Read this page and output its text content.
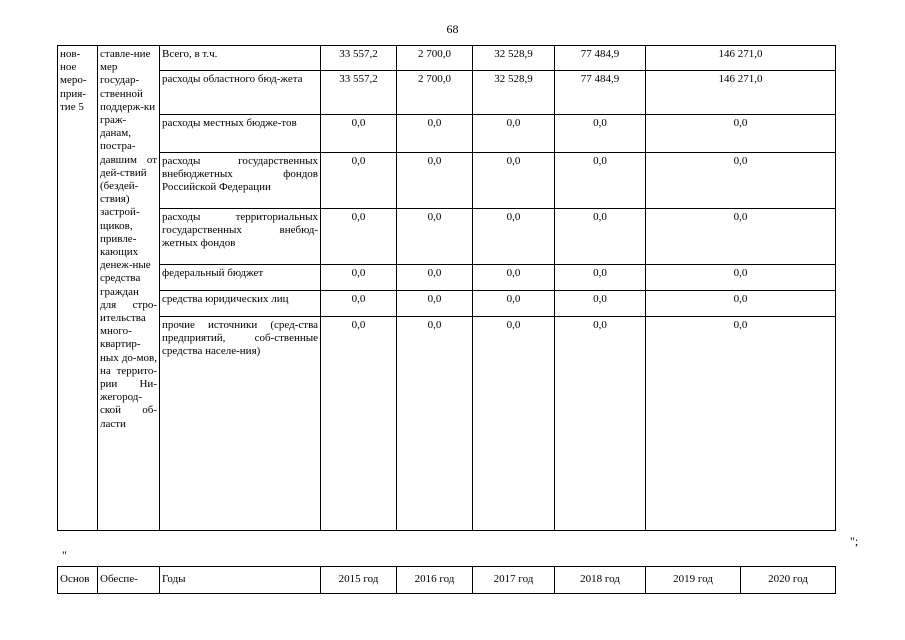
68
нов-ное меро-прия-тие 5	ставле-ние мер государ-ственной поддерж-ки граж-данам, постра-давшим от дей-ствий (бездей-ствия) застрой-щиков, привле-кающих денеж-ные средства граждан для стро-ительства много-квартир-ных до-мов, на террито-рии Ни-жегород-ской об-ласти	Всего, в т.ч.	33 557,2	2 700,0	32 528,9	77 484,9	146 271,0
		расходы областного бюд-жета	33 557,2	2 700,0	32 528,9	77 484,9	146 271,0
		расходы местных бюдже-тов	0,0	0,0	0,0	0,0	0,0
		расходы государственных внебюджетных фондов Российской Федерации	0,0	0,0	0,0	0,0	0,0
		расходы территориальных государственных внебюд-жетных фондов	0,0	0,0	0,0	0,0	0,0
		федеральный бюджет	0,0	0,0	0,0	0,0	0,0
		средства юридических лиц	0,0	0,0	0,0	0,0	0,0
		прочие источники (сред-ства предприятий, соб-ственные средства населе-ния)	0,0	0,0	0,0	0,0	0,0
";
"
Основ	Обеспе-	Годы	2015 год	2016 год	2017 год	2018 год	2019 год	2020 год
